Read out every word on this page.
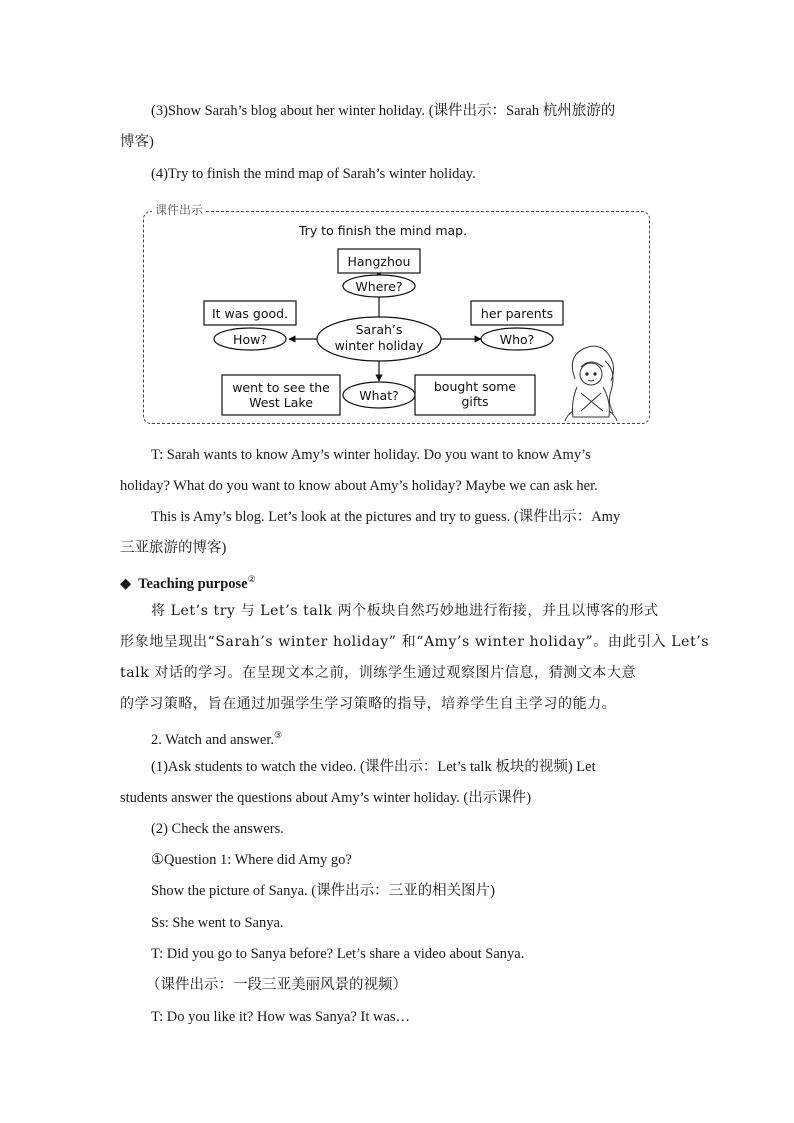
(3)Show Sarah’s blog about her winter holiday. (课件出示：Sarah 杭州旅游的
博客)
(4)Try to finish the mind map of Sarah’s winter holiday.
课件出示
Try to finish the mind map.
Sarah’s
winter holiday
Hangzhou
Where?
It was good.
How?
her parents
Who?
went to see the
West Lake	What?
bought some
gifts
T: Sarah wants to know Amy’s winter holiday. Do you want to know Amy’s
holiday? What do you want to know about Amy’s holiday? Maybe we can ask her.
This is Amy’s blog. Let’s look at the pictures and try to guess. (课件出示：Amy
三亚旅游的博客)
◆ Teaching purpose②
将 Let’s try 与 Let’s talk 两个板块自然巧妙地进行衔接，并且以博客的形式
形象地呈现出“Sarah’s winter holiday” 和“Amy’s winter holiday”。由此引入 Let’s
talk 对话的学习。在呈现文本之前，训练学生通过观察图片信息，猜测文本大意
的学习策略，旨在通过加强学生学习策略的指导，培养学生自主学习的能力。
2. Watch and answer.③
(1)Ask students to watch the video. (课件出示：Let’s talk 板块的视频) Let
students answer the questions about Amy’s winter holiday. (出示课件)
(2) Check the answers.
①Question 1: Where did Amy go?
Show the picture of Sanya. (课件出示：三亚的相关图片)
Ss: She went to Sanya.
T: Did you go to Sanya before? Let’s share a video about Sanya.
（课件出示：一段三亚美丽风景的视频）
T: Do you like it? How was Sanya? It was…
